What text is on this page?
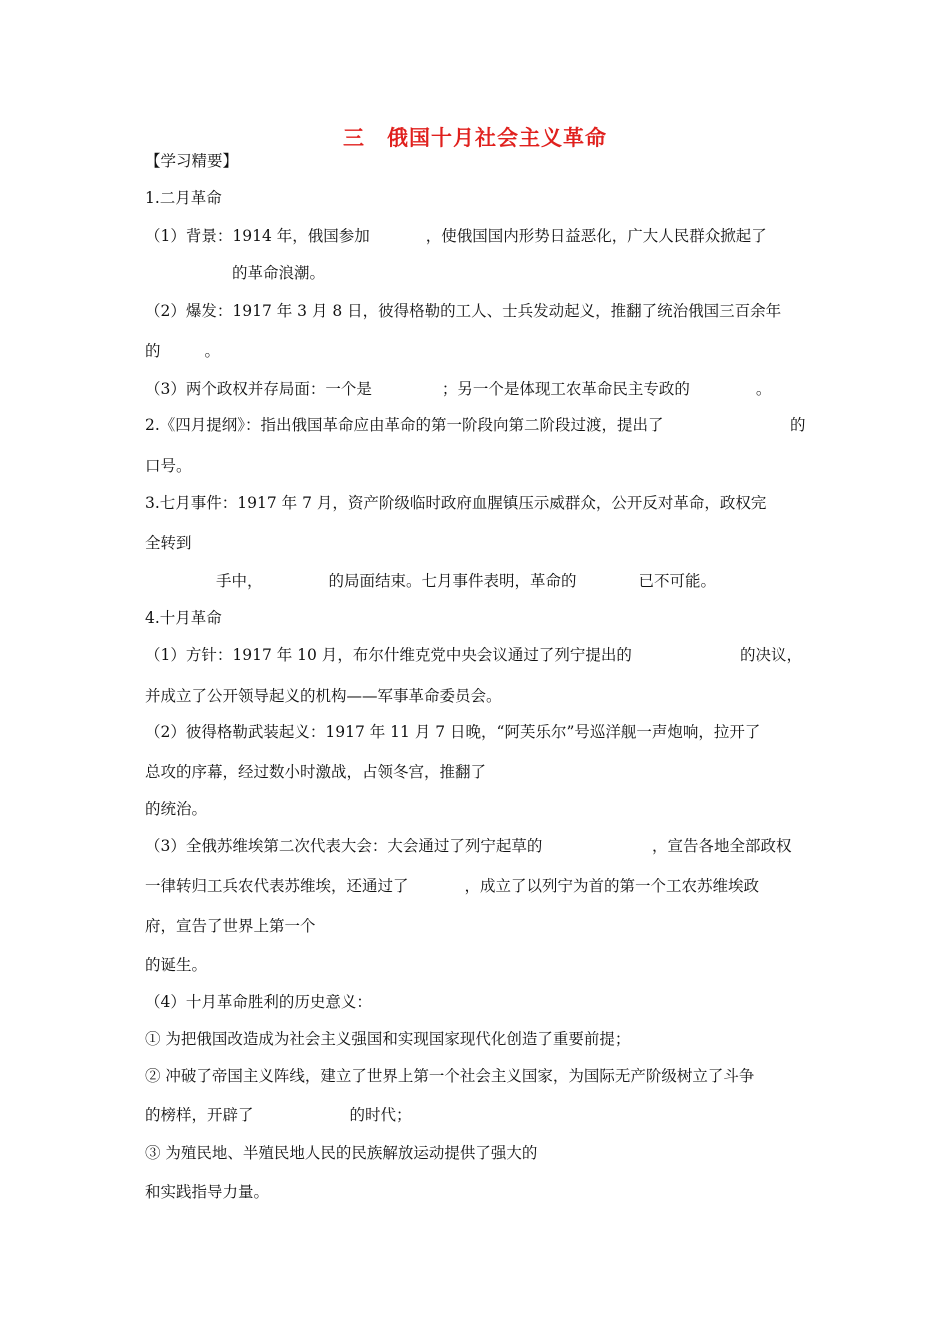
三　俄国十月社会主义革命
【学习精要】
1.二月革命
（1）背景：1914 年，俄国参加	，使俄国国内形势日益恶化，广大人民群众掀起了
的革命浪潮。
（2）爆发：1917 年 3 月 8 日，彼得格勒的工人、士兵发动起义，推翻了统治俄国三百余年
的	。
（3）两个政权并存局面：一个是	；另一个是体现工农革命民主专政的	。
2.《四月提纲》：指出俄国革命应由革命的第一阶段向第二阶段过渡，提出了	的
口号。
3.七月事件：1917 年 7 月，资产阶级临时政府血腥镇压示威群众，公开反对革命，政权完
全转到
手中，	的局面结束。七月事件表明，革命的	已不可能。
4.十月革命
（1）方针：1917 年 10 月，布尔什维克党中央会议通过了列宁提出的	的决议，
并成立了公开领导起义的机构——军事革命委员会。
（2）彼得格勒武装起义：1917 年 11 月 7 日晚，“阿芙乐尔”号巡洋舰一声炮响，拉开了
总攻的序幕，经过数小时激战，占领冬宫，推翻了
的统治。
（3）全俄苏维埃第二次代表大会：大会通过了列宁起草的	，宣告各地全部政权
一律转归工兵农代表苏维埃，还通过了	，成立了以列宁为首的第一个工农苏维埃政
府，宣告了世界上第一个
的诞生。
（4）十月革命胜利的历史意义：
① 为把俄国改造成为社会主义强国和实现国家现代化创造了重要前提；
② 冲破了帝国主义阵线，建立了世界上第一个社会主义国家，为国际无产阶级树立了斗争
的榜样，开辟了	的时代；
③ 为殖民地、半殖民地人民的民族解放运动提供了强大的
和实践指导力量。
